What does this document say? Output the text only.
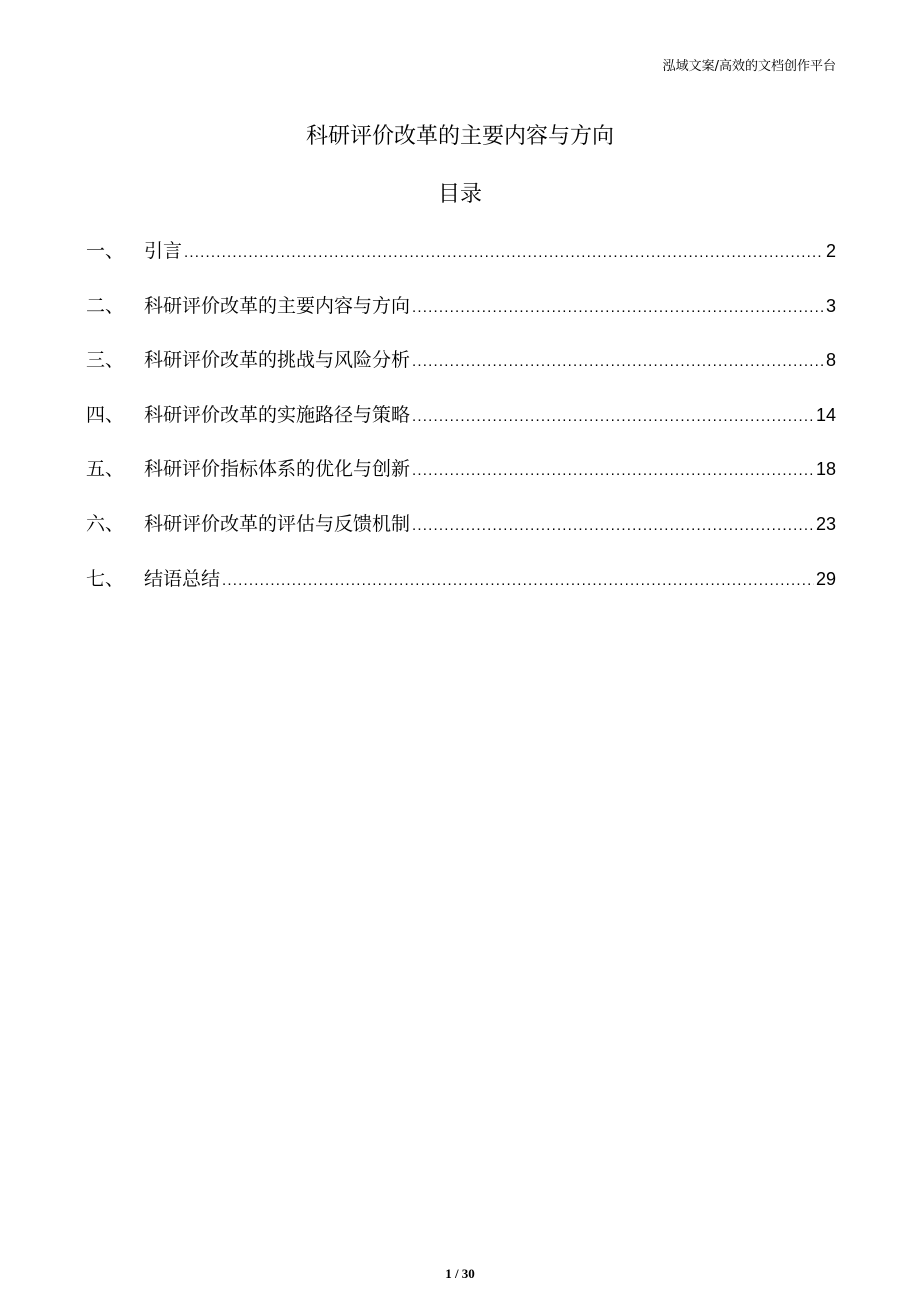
泓域文案/高效的文档创作平台
科研评价改革的主要内容与方向
目录
一、	引言 .....	2
二、	科研评价改革的主要内容与方向 .....	3
三、	科研评价改革的挑战与风险分析 .....	8
四、	科研评价改革的实施路径与策略 .....	14
五、	科研评价指标体系的优化与创新 .....	18
六、	科研评价改革的评估与反馈机制 .....	23
七、	结语总结 .....	29
1 / 30
